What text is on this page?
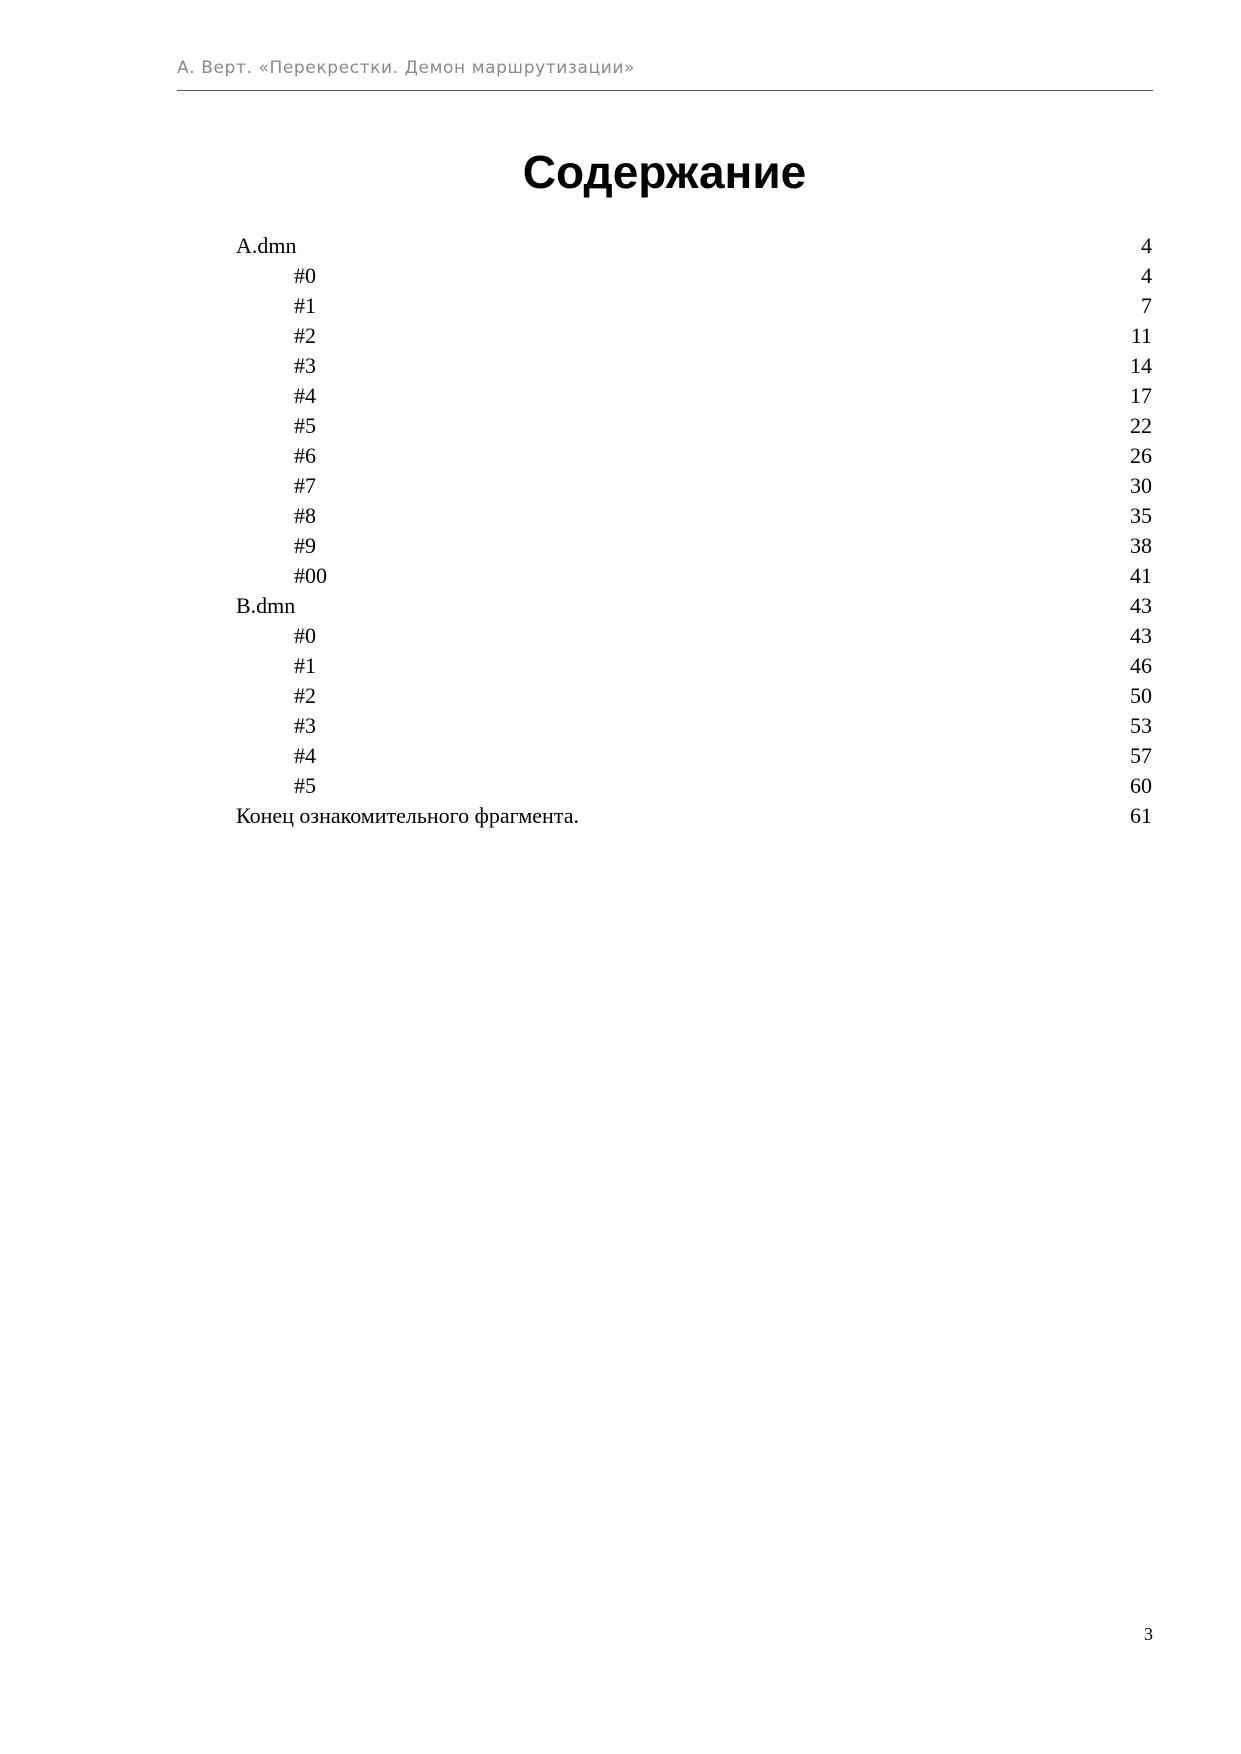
А. Верт. «Перекрестки. Демон маршрутизации»
Содержание
A.dmn	4
#0	4
#1	7
#2	11
#3	14
#4	17
#5	22
#6	26
#7	30
#8	35
#9	38
#00	41
B.dmn	43
#0	43
#1	46
#2	50
#3	53
#4	57
#5	60
Конец ознакомительного фрагмента.	61
3
